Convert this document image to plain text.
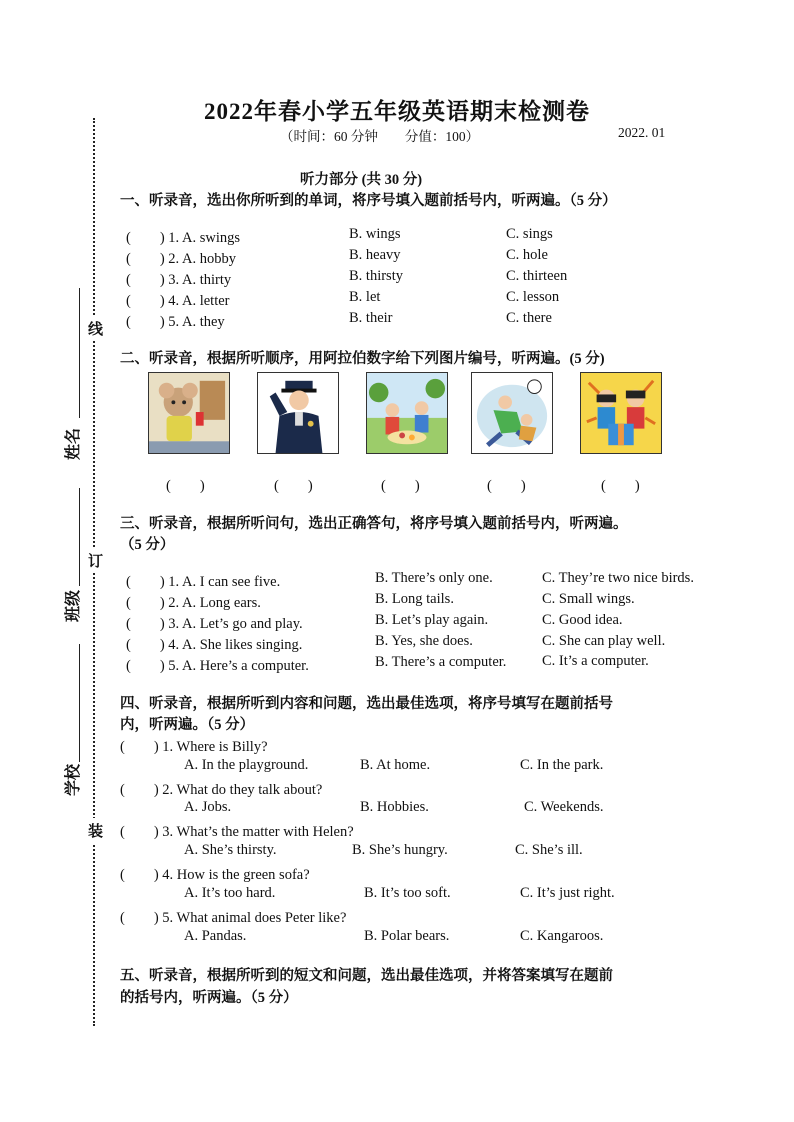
线
订
装
姓名
班级
学校
2022年春小学五年级英语期末检测卷
（时间：60 分钟　　分值：100）	2022. 01
听力部分 (共 30 分)
一、听录音，选出你所听到的单词，将序号填入题前括号内，听两遍。（5 分）
(　　) 1. A. swings	B. wings	C. sings
(　　) 2. A. hobby	B. heavy	C. hole
(　　) 3. A. thirty	B. thirsty	C. thirteen
(　　) 4. A. letter	B. let	C. lesson
(　　) 5. A. they	B. their	C. there
二、听录音，根据所听顺序，用阿拉伯数字给下列图片编号，听两遍。(5 分)
(　　)	(　　)	(　　)	(　　)	(　　)
三、听录音，根据所听问句，选出正确答句，将序号填入题前括号内，听两遍。
（5 分）
(　　) 1. A. I can see five.	B. There’s only one.	C. They’re two nice birds.
(　　) 2. A. Long ears.	B. Long tails.	C. Small wings.
(　　) 3. A. Let’s go and play.	B. Let’s play again.	C. Good idea.
(　　) 4. A. She likes singing.	B. Yes, she does.	C. She can play well.
(　　) 5. A. Here’s a computer.	B. There’s a computer. C. It’s a computer.
四、听录音，根据所听到内容和问题，选出最佳选项，将序号填写在题前括号
内，听两遍。（5 分）
(　　) 1. Where is Billy?
A. In the playground.	B. At home.	C. In the park.
(　　) 2. What do they talk about?
A. Jobs.	B. Hobbies.	C. Weekends.
(　　) 3. What’s the matter with Helen?
A. She’s thirsty.	B. She’s hungry.	C. She’s ill.
(　　) 4. How is the green sofa?
A. It’s too hard.	B. It’s too soft.	C. It’s just right.
(　　) 5. What animal does Peter like?
A. Pandas.	B. Polar bears.	C. Kangaroos.
五、听录音，根据所听到的短文和问题，选出最佳选项，并将答案填写在题前
的括号内，听两遍。（5 分）
